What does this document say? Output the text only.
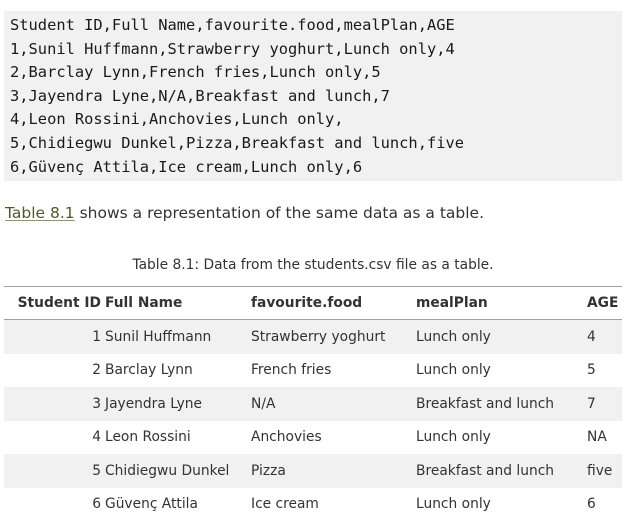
Student ID,Full Name,favourite.food,mealPlan,AGE
1,Sunil Huffmann,Strawberry yoghurt,Lunch only,4
2,Barclay Lynn,French fries,Lunch only,5
3,Jayendra Lyne,N/A,Breakfast and lunch,7
4,Leon Rossini,Anchovies,Lunch only,
5,Chidiegwu Dunkel,Pizza,Breakfast and lunch,five
6,Güvenç Attila,Ice cream,Lunch only,6

Table 8.1 shows a representation of the same data as a table.

Table 8.1: Data from the students.csv file as a table.
Student ID	Full Name	favourite.food	mealPlan	AGE
1	Sunil Huffmann	Strawberry yoghurt	Lunch only	4
2	Barclay Lynn	French fries	Lunch only	5
3	Jayendra Lyne	N/A	Breakfast and lunch	7
4	Leon Rossini	Anchovies	Lunch only	NA
5	Chidiegwu Dunkel	Pizza	Breakfast and lunch	five
6	Güvenç Attila	Ice cream	Lunch only	6
